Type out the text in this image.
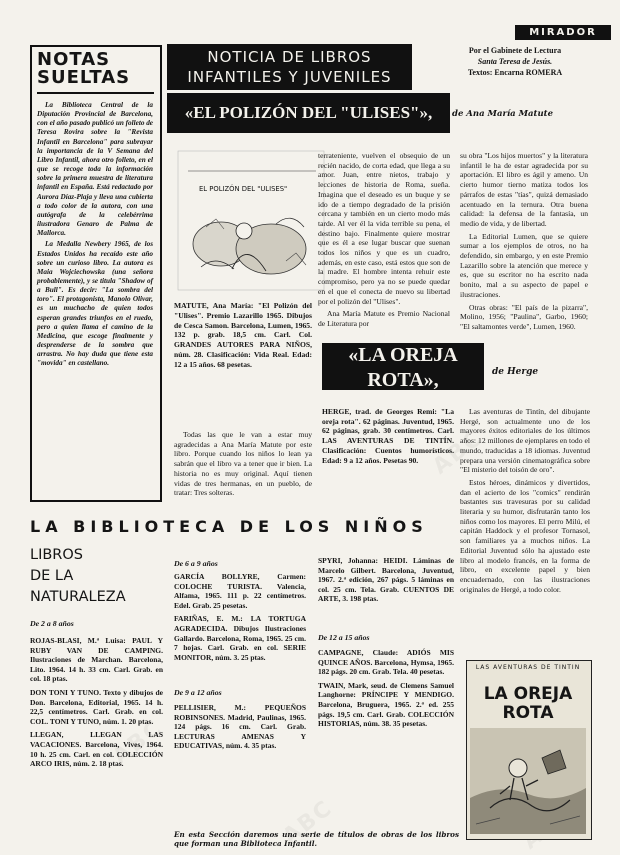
MIRADOR
Por el Gabinete de Lectura
Santa Teresa de Jesús.
Textos: Encarna ROMERA
NOTAS
SUELTAS

La Biblioteca Central de la Diputación Provincial de Barcelona, con el año pasado publicó un folleto de Teresa Rovira sobre la "Revista Infantil en Barcelona" para subrayar la importancia de la V Semana del Libro Infantil, ahora otro folleto, en el que se recoge toda la información sobre la primera muestra de literatura infantil en España. Está redactado por Aurora Díaz-Plaja y lleva una cubierta a todo color de la autora, con una autógrafa de la celebérrima ilustradora Genaro de Palma de Mallorca.

La Medalla Newbery 1965, de los Estados Unidos ha recaído este año sobre un curioso libro. La autora es Maia Wojciechowska (una señora probablemente), y se titula "Shadow of a Bull". Es decir: "La sombra del toro". El protagonista, Manolo Olivar, es un muchacho de quien todos esperan grandes triunfos en el ruedo, pero a quien llama el camino de la Medicina, que escoge finalmente y desprenderse de la sombra que arrastra. No hay duda que tiene esta "movida" en castellano.

NOTICIA DE LIBROS
INFANTILES Y JUVENILES
«EL POLIZÓN DEL "ULISES"»,	de Ana María Matute
EL POLIZÓN DEL "ULISES"
MATUTE, Ana María: "El Polizón del "Ulises". Premio Lazarillo 1965. Dibujos de Cesca Samon. Barcelona, Lumen, 1965. 132 p. grab. 18,5 cm. Carl. Col. GRANDES AUTORES PARA NIÑOS, núm. 28. Clasificación: Vida Real. Edad: 12 a 15 años. 68 pesetas.

Todas las que le van a estar muy agradecidas a Ana María Matute por este libro. Porque cuando los niños lo lean ya sabrán que el libro va a tener que ir bien. La historia no es muy original. Aquí tienen vidas de tres hermanas, en un pueblo, de tratar: Tres solteras.

terrateniente, vuelven el obsequio de un recién nacido, de corta edad, que llega a su amor. Juan, entre nietos, trabajo y lecciones de historia de Roma, sueña. Imagina que el deseado es un buque y se ido de a tiempo degradado de la prisión cercana y también en un cierto modo más tarde. Al ver él la vida terrible su pena, el destino bajo. Finalmente quiere mostrar que es él a ese lugar buscar que suenan todos los niños y que es un cuadro, además, en este caso, está estos que son de la madre. El hombre intenta rehuir este compromiso, pero ya no se puede quedar en el que el conecta de nuevo su libertad por el polizón del "Ulises".

Ana María Matute es Premio Nacional de Literatura por

su obra "Los hijos muertos" y la literatura infantil le ha de estar agradecida por su aportación. El libro es ágil y ameno. Un cierto humor tierno matiza todos los párrafos de estas "tías", quizá demasiado acentuado en la ternura. Otra buena calidad: la defensa de la fantasía, un medio de vida, y de libertad.

La Editorial Lumen, que se quiere sumar a los ejemplos de otros, no ha defendido, sin embargo, y en este Premio Lazarillo sobre la atención que merece y es, que su escritor no ha escrito nada bonito, mal a su aspecto de papel e ilustraciones.

Otras obras: "El país de la pizarra", Molino, 1956; "Paulina", Garbo, 1960; "El saltamontes verde", Lumen, 1960.

«LA OREJA ROTA»,
(AVENTURAS DE TINTÍN)
de Herge
HERGE, trad. de Georges Remi: "La oreja rota". 62 páginas. Juventud, 1965. 62 páginas, grab. 30 centímetros. Carl. LAS AVENTURAS DE TINTÍN. Clasificación: Cuentos humorísticos. Edad: 9 a 12 años. Pesetas 90.

Las aventuras de Tintín, del dibujante Hergé, son actualmente uno de los mayores éxitos editoriales de los últimos años: 12 millones de ejemplares en todo el mundo, traducidas a 18 idiomas. Juventud prepara una versión cinematográfica sobre "El misterio del toisón de oro".

Estos héroes, dinámicos y divertidos, dan el acierto de los "comics" rendirán bastantes sus travesuras por su calidad literaria y su humor, disfrutarán tanto los niños como los mayores. El perro Milú, el capitán Haddock y el profesor Tornasol, son familiares ya a muchos niños. La Editorial Juventud sólo ha ajustado este libro al modelo francés, en la forma de libro, en excelente papel y bien encuadernado, con las ilustraciones originales de Hergé, a todo color.

LA BIBLIOTECA DE LOS NIÑOS
LIBROS
DE LA
NATURALEZA
De 2 a 8 años

ROJAS-BLASI, M.ª Luisa: PAUL Y RUBY VAN DE CAMPING. Ilustraciones de Marchan. Barcelona, Lito. 1964. 14 h. 33 cm. Carl. Grab. en col. 18 ptas.

DON TONI Y TUNO. Texto y dibujos de Don. Barcelona, Editorial, 1965. 14 h. 22,5 centímetros. Carl. Grab. en col. COL. TONI Y TUNO, núm. 1. 20 ptas.

LLEGAN, LLEGAN LAS VACACIONES. Barcelona, Vives, 1964. 10 h. 25 cm. Carl. en col. COLECCIÓN ARCO IRIS, núm. 2. 18 ptas.

De 6 a 9 años

GARCÍA BOLLYRE, Carmen: COLOCHE TURISTA. Valencia, Alfama, 1965. 111 p. 22 centímetros. Edel. Grab. 25 pesetas.

FARIÑAS, E. M.: LA TORTUGA AGRADECIDA. Dibujos Ilustraciones Gallardo. Barcelona, Roma, 1965. 25 cm. 7 hojas. Carl. Grab. en col. SERIE MONITOR, núm. 3. 25 ptas.

De 9 a 12 años

PELLISIER, M.: PEQUEÑOS ROBINSONES. Madrid, Paulinas, 1965. 124 págs. 16 cm. Carl. Grab. LECTURAS AMENAS Y EDUCATIVAS, núm. 4. 35 ptas.

SPYRI, Johanna: HEIDI. Láminas de Marcelo Gilbert. Barcelona, Juventud, 1967. 2.ª edición, 267 págs. 5 láminas en col. 25 cm. Tela. Grab. CUENTOS DE ARTE, 3. 198 ptas.

De 12 a 15 años

CAMPAGNE, Claude: ADIÓS MIS QUINCE AÑOS. Barcelona, Hymsa, 1965. 182 págs. 20 cm. Grab. Tela. 40 pesetas.

TWAIN, Mark, seud. de Clemens Samuel Langhorne: PRÍNCIPE Y MENDIGO. Barcelona, Bruguera, 1965. 2.ª ed. 255 págs. 19,5 cm. Carl. Grab. COLECCIÓN HISTORIAS, núm. 38. 35 pesetas.

LAS AVENTURAS DE TINTIN
LA OREJA
ROTA
En esta Sección daremos una serie de títulos de obras de los libros que forman una Biblioteca Infantil.
